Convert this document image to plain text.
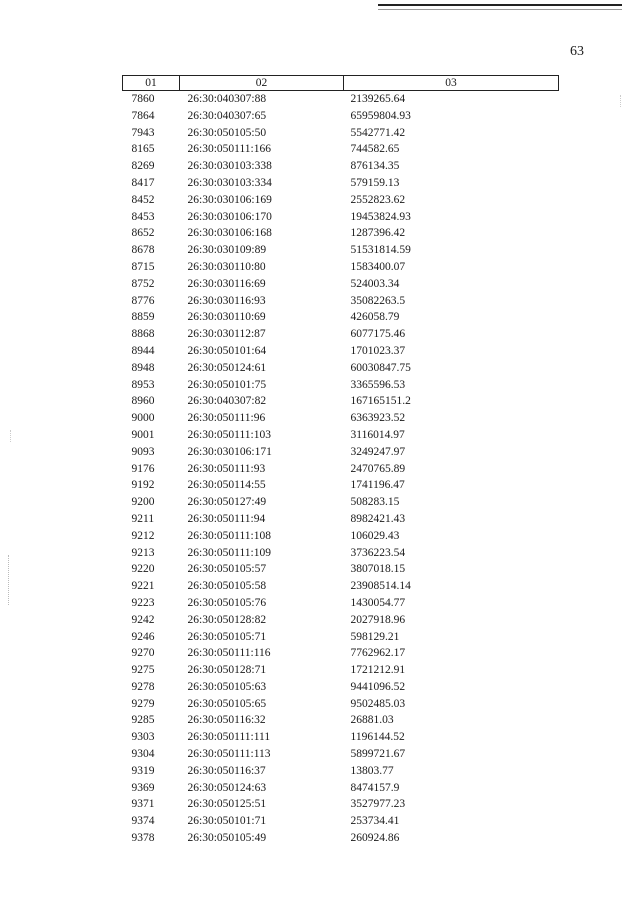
63
01	02	03
7860	26:30:040307:88	2139265.64
7864	26:30:040307:65	65959804.93
7943	26:30:050105:50	5542771.42
8165	26:30:050111:166	744582.65
8269	26:30:030103:338	876134.35
8417	26:30:030103:334	579159.13
8452	26:30:030106:169	2552823.62
8453	26:30:030106:170	19453824.93
8652	26:30:030106:168	1287396.42
8678	26:30:030109:89	51531814.59
8715	26:30:030110:80	1583400.07
8752	26:30:030116:69	524003.34
8776	26:30:030116:93	35082263.5
8859	26:30:030110:69	426058.79
8868	26:30:030112:87	6077175.46
8944	26:30:050101:64	1701023.37
8948	26:30:050124:61	60030847.75
8953	26:30:050101:75	3365596.53
8960	26:30:040307:82	167165151.2
9000	26:30:050111:96	6363923.52
9001	26:30:050111:103	3116014.97
9093	26:30:030106:171	3249247.97
9176	26:30:050111:93	2470765.89
9192	26:30:050114:55	1741196.47
9200	26:30:050127:49	508283.15
9211	26:30:050111:94	8982421.43
9212	26:30:050111:108	106029.43
9213	26:30:050111:109	3736223.54
9220	26:30:050105:57	3807018.15
9221	26:30:050105:58	23908514.14
9223	26:30:050105:76	1430054.77
9242	26:30:050128:82	2027918.96
9246	26:30:050105:71	598129.21
9270	26:30:050111:116	7762962.17
9275	26:30:050128:71	1721212.91
9278	26:30:050105:63	9441096.52
9279	26:30:050105:65	9502485.03
9285	26:30:050116:32	26881.03
9303	26:30:050111:111	1196144.52
9304	26:30:050111:113	5899721.67
9319	26:30:050116:37	13803.77
9369	26:30:050124:63	8474157.9
9371	26:30:050125:51	3527977.23
9374	26:30:050101:71	253734.41
9378	26:30:050105:49	260924.86
